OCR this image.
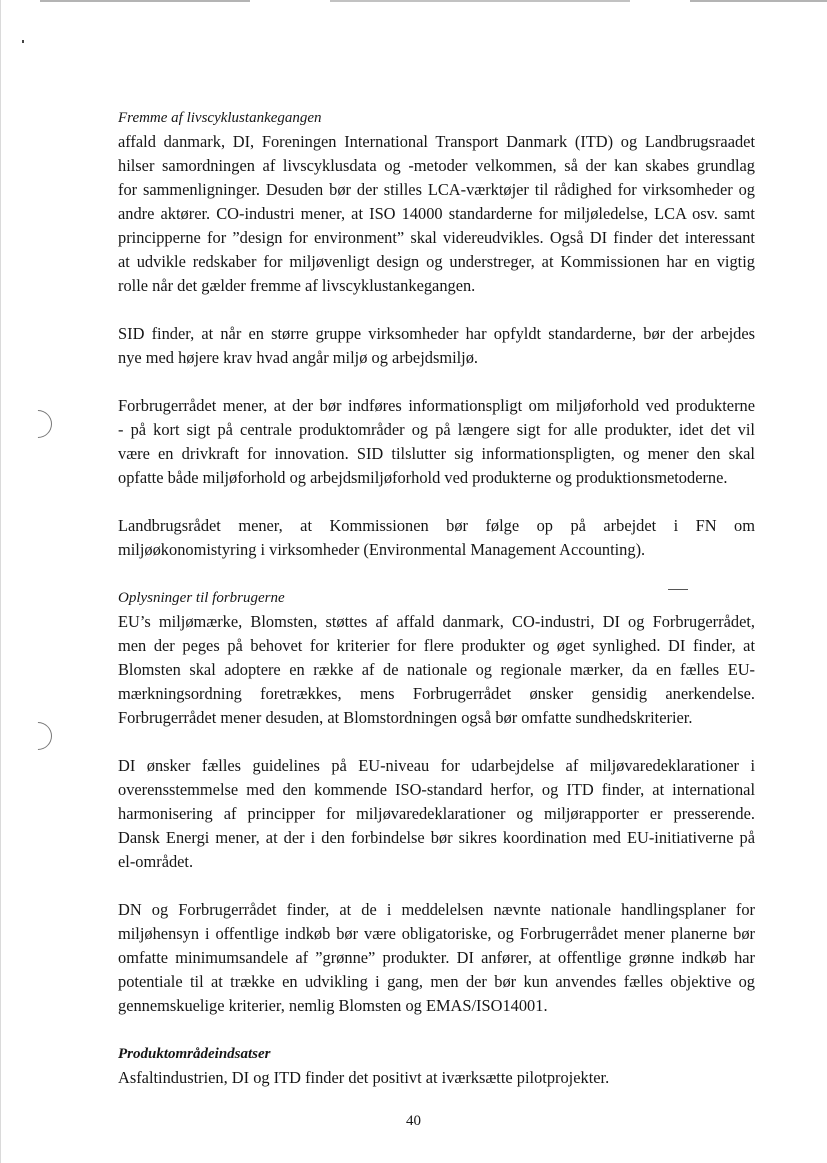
Fremme af livscyklustankegangen
affald danmark, DI, Foreningen International Transport Danmark (ITD) og Landbrugsraadet
hilser samordningen af livscyklusdata og -metoder velkommen, så der kan skabes grundlag
for sammenligninger. Desuden bør der stilles LCA-værktøjer til rådighed for virksomheder og
andre aktører. CO-industri mener, at ISO 14000 standarderne for miljøledelse, LCA osv. samt
principperne for ”design for environment” skal videreudvikles. Også DI finder det interessant
at udvikle redskaber for miljøvenligt design og understreger, at Kommissionen har en vigtig
rolle når det gælder fremme af livscyklustankegangen.
SID finder, at når en større gruppe virksomheder har opfyldt standarderne, bør der arbejdes
nye med højere krav hvad angår miljø og arbejdsmiljø.
Forbrugerrådet mener, at der bør indføres informationspligt om miljøforhold ved produkterne
- på kort sigt på centrale produktområder og på længere sigt for alle produkter, idet det vil
være en drivkraft for innovation. SID tilslutter sig informationspligten, og mener den skal
opfatte både miljøforhold og arbejdsmiljøforhold ved produkterne og produktionsmetoderne.
Landbrugsrådet mener, at Kommissionen bør følge op på arbejdet i FN om
miljøøkonomistyring i virksomheder (Environmental Management Accounting).
Oplysninger til forbrugerne
EU’s miljømærke, Blomsten, støttes af affald danmark, CO-industri, DI og Forbrugerrådet,
men der peges på behovet for kriterier for flere produkter og øget synlighed. DI finder, at
Blomsten skal adoptere en række af de nationale og regionale mærker, da en fælles EU-
mærkningsordning foretrækkes, mens Forbrugerrådet ønsker gensidig anerkendelse.
Forbrugerrådet mener desuden, at Blomstordningen også bør omfatte sundhedskriterier.
DI ønsker fælles guidelines på EU-niveau for udarbejdelse af miljøvaredeklarationer i
overensstemmelse med den kommende ISO-standard herfor, og ITD finder, at international
harmonisering af principper for miljøvaredeklarationer og miljørapporter er presserende.
Dansk Energi mener, at der i den forbindelse bør sikres koordination med EU-initiativerne på
el-området.
DN og Forbrugerrådet finder, at de i meddelelsen nævnte nationale handlingsplaner for
miljøhensyn i offentlige indkøb bør være obligatoriske, og Forbrugerrådet mener planerne bør
omfatte minimumsandele af ”grønne” produkter. DI anfører, at offentlige grønne indkøb har
potentiale til at trække en udvikling i gang, men der bør kun anvendes fælles objektive og
gennemskuelige kriterier, nemlig Blomsten og EMAS/ISO14001.
Produktområdeindsatser
Asfaltindustrien, DI og ITD finder det positivt at iværksætte pilotprojekter.
40
